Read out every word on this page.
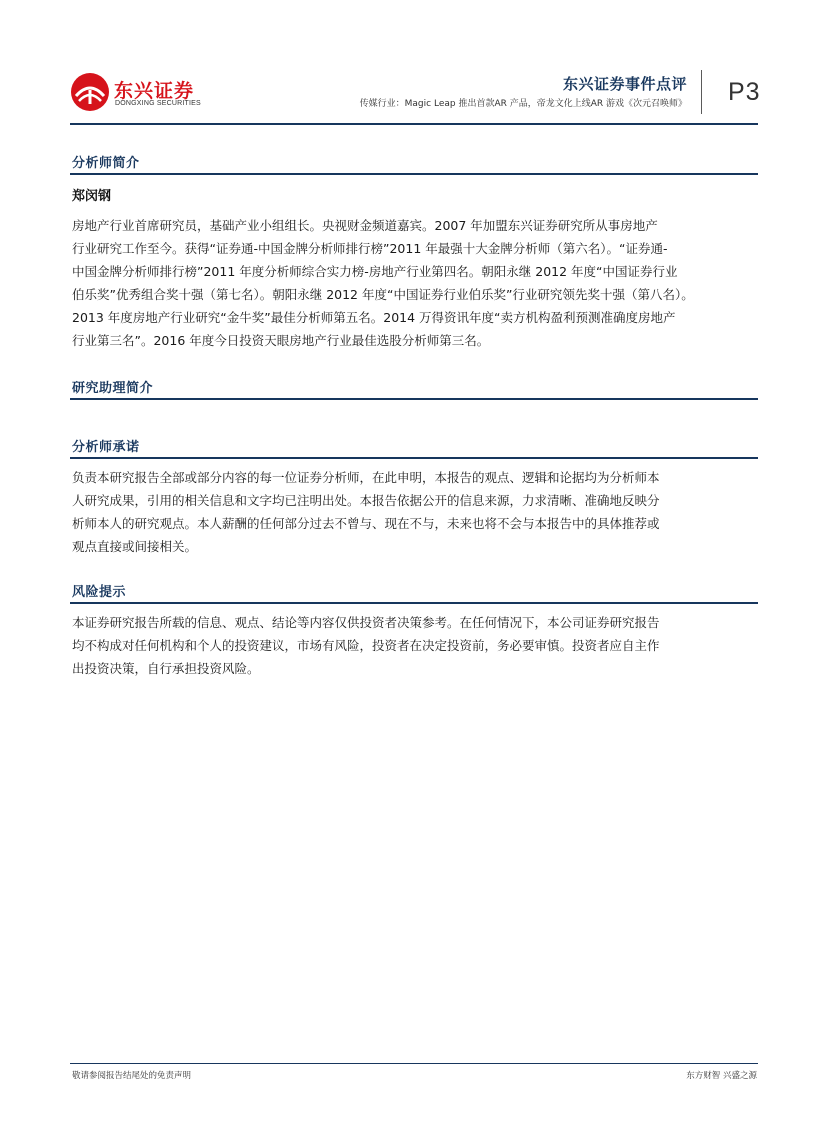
东兴证券
DONGXING SECURITIES
东兴证券事件点评
传媒行业：Magic Leap 推出首款AR 产品，帝龙文化上线AR 游戏《次元召唤师》 P3
分析师简介
郑闵钢
房地产行业首席研究员，基础产业小组组长。央视财金频道嘉宾。2007 年加盟东兴证券研究所从事房地产
行业研究工作至今。获得“证券通-中国金牌分析师排行榜”2011 年最强十大金牌分析师（第六名）。“证券通-
中国金牌分析师排行榜”2011 年度分析师综合实力榜-房地产行业第四名。朝阳永继 2012 年度“中国证券行业
伯乐奖”优秀组合奖十强（第七名）。朝阳永继 2012 年度“中国证券行业伯乐奖”行业研究领先奖十强（第八名）。
2013 年度房地产行业研究“金牛奖”最佳分析师第五名。2014 万得资讯年度“卖方机构盈利预测准确度房地产
行业第三名”。2016 年度今日投资天眼房地产行业最佳选股分析师第三名。
研究助理简介
分析师承诺
负责本研究报告全部或部分内容的每一位证券分析师，在此申明，本报告的观点、逻辑和论据均为分析师本
人研究成果，引用的相关信息和文字均已注明出处。本报告依据公开的信息来源，力求清晰、准确地反映分
析师本人的研究观点。本人薪酬的任何部分过去不曾与、现在不与，未来也将不会与本报告中的具体推荐或
观点直接或间接相关。
风险提示
本证券研究报告所载的信息、观点、结论等内容仅供投资者决策参考。在任何情况下，本公司证券研究报告
均不构成对任何机构和个人的投资建议，市场有风险，投资者在决定投资前，务必要审慎。投资者应自主作
出投资决策，自行承担投资风险。
敬请参阅报告结尾处的免责声明	东方财智 兴盛之源
